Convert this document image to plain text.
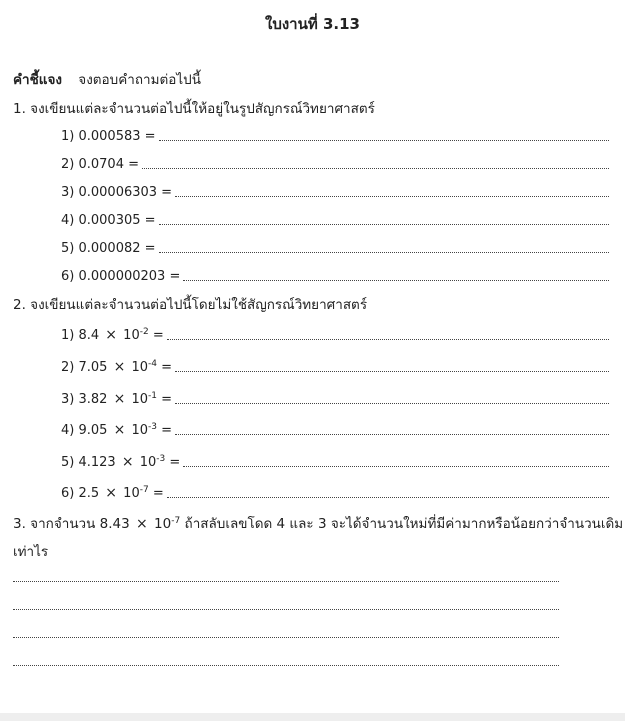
ใบงานที่ 3.13
คำชี้แจง จงตอบคำถามต่อไปนี้
1. จงเขียนแต่ละจำนวนต่อไปนี้ให้อยู่ในรูปสัญกรณ์วิทยาศาสตร์
1) 0.000583 =
2) 0.0704 =
3) 0.00006303 =
4) 0.000305 =
5) 0.000082 =
6) 0.000000203 =
2. จงเขียนแต่ละจำนวนต่อไปนี้โดยไม่ใช้สัญกรณ์วิทยาศาสตร์
1) $8.4 \times 10^{-2}$ =
2) $7.05 \times 10^{-4}$ =
3) $3.82 \times 10^{-1}$ =
4) $9.05 \times 10^{-3}$ =
5) $4.123 \times 10^{-3}$ =
6) $2.5 \times 10^{-7}$ =
3. จากจำนวน $8.43 \times 10^{-7}$ ถ้าสลับเลขโดด 4 และ 3 จะได้จำนวนใหม่ที่มีค่ามากหรือน้อยกว่าจำนวนเดิม
เท่าไร
